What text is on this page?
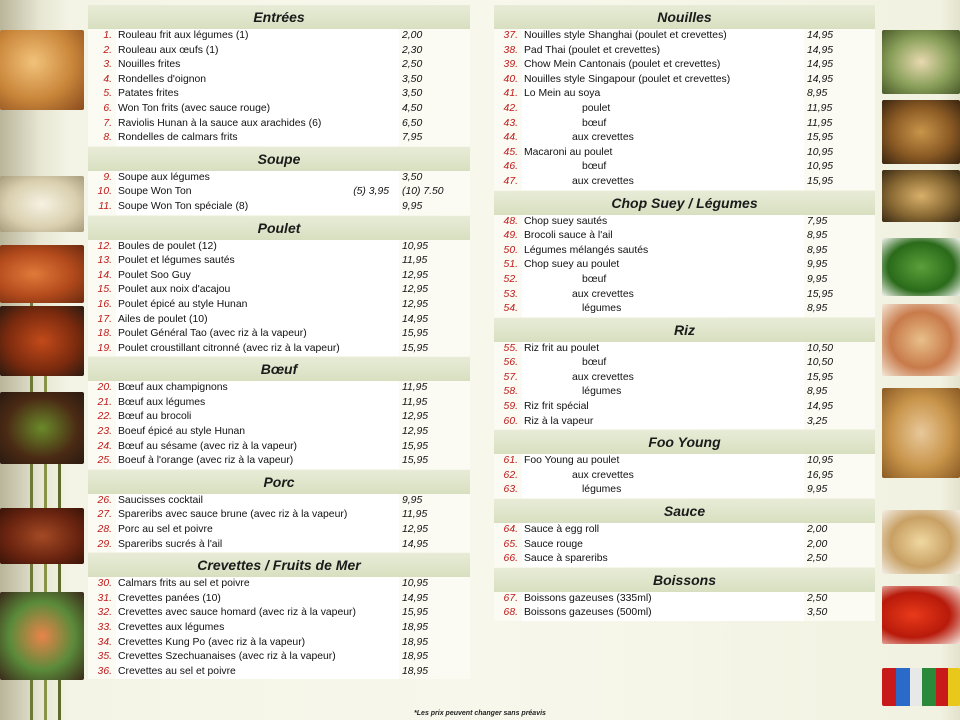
Entrées
1. Rouleau frit aux légumes (1)	2,00
2. Rouleau aux œufs (1)	2,30
3. Nouilles frites	2,50
4. Rondelles d'oignon	3,50
5. Patates frites	3,50
6. Won Ton frits (avec sauce rouge)	4,50
7. Raviolis Hunan à la sauce aux arachides (6)	6,50
8. Rondelles de calmars frits	7,95
Soupe
9. Soupe aux légumes	3,50
10. Soupe Won Ton	(5) 3,95 (10) 7.50
11. Soupe Won Ton spéciale (8)	9,95
Poulet
12. Boules de poulet (12)	10,95
13. Poulet et légumes sautés	11,95
14. Poulet Soo Guy	12,95
15. Poulet aux noix d'acajou	12,95
16. Poulet épicé au style Hunan	12,95
17. Ailes de poulet (10)	14,95
18. Poulet Général Tao (avec riz à la vapeur)	15,95
19. Poulet croustillant citronné (avec riz à la vapeur)	15,95
Bœuf
20. Bœuf aux champignons	11,95
21. Bœuf aux légumes	11,95
22. Bœuf au brocoli	12,95
23. Boeuf épicé au style Hunan	12,95
24. Bœuf au sésame (avec riz à la vapeur)	15,95
25. Boeuf à l'orange (avec riz à la vapeur)	15,95
Porc
26. Saucisses cocktail	9,95
27. Spareribs avec sauce brune (avec riz à la vapeur)	11,95
28. Porc au sel et poivre	12,95
29. Spareribs sucrés à l'ail	14,95
Crevettes / Fruits de Mer
30. Calmars frits au sel et poivre	10,95
31. Crevettes panées (10)	14,95
32. Crevettes avec sauce homard (avec riz à la vapeur)	15,95
33. Crevettes aux légumes	18,95
34. Crevettes Kung Po (avec riz à la vapeur)	18,95
35. Crevettes Szechuanaises (avec riz à la vapeur)	18,95
36. Crevettes au sel et poivre	18,95
Nouilles
37. Nouilles style Shanghai (poulet et crevettes)	14,95
38. Pad Thai (poulet et crevettes)	14,95
39. Chow Mein Cantonais (poulet et crevettes)	14,95
40. Nouilles style Singapour (poulet et crevettes)	14,95
41. Lo Mein au soya	8,95
42.	poulet	11,95
43.	bœuf	11,95
44.	aux crevettes	15,95
45. Macaroni au poulet	10,95
46.	bœuf	10,95
47.	aux crevettes	15,95
Chop Suey / Légumes
48. Chop suey sautés	7,95
49. Brocoli sauce à l'ail	8,95
50. Légumes mélangés sautés	8,95
51. Chop suey au poulet	9,95
52.	bœuf	9,95
53.	aux crevettes	15,95
54.	légumes	8,95
Riz
55. Riz frit au poulet	10,50
56.	bœuf	10,50
57.	aux crevettes	15,95
58.	légumes	8,95
59. Riz frit spécial	14,95
60. Riz à la vapeur	3,25
Foo Young
61. Foo Young au poulet	10,95
62.	aux crevettes	16,95
63.	légumes	9,95
Sauce
64. Sauce à egg roll	2,00
65. Sauce rouge	2,00
66. Sauce à spareribs	2,50
Boissons
67. Boissons gazeuses (335ml)	2,50
68. Boissons gazeuses (500ml)	3,50
*Les prix peuvent changer sans préavis
